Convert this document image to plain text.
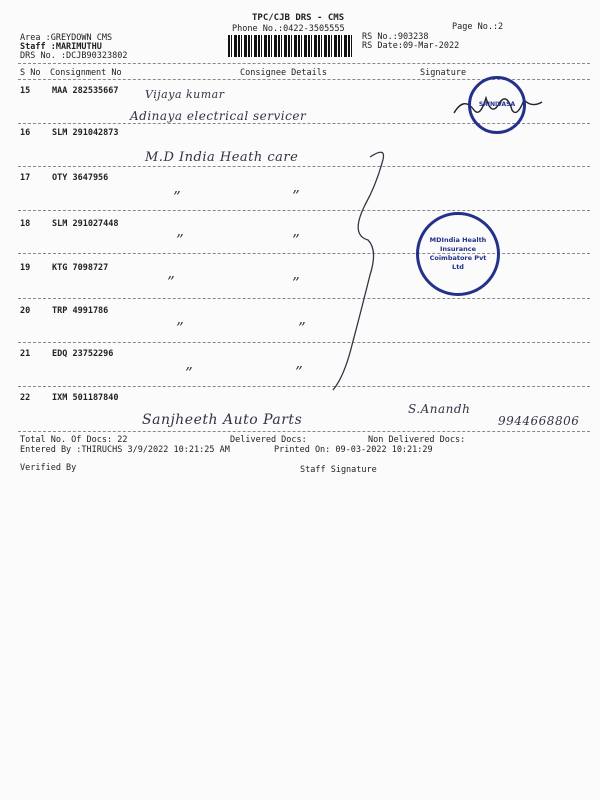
TPC/CJB DRS - CMS
Phone No.:0422-3505555	Page No.:2
Area :GREYDOWN CMS
Staff :MARIMUTHU
DRS No. :DCJB90323802
RS No.:903238
RS Date:09-Mar-2022
S No Consignment No	Consignee Details	Signature
15	MAA 282535667 Vijaya kumar
Adinaya electrical servicer
16	SLM 291042873
M.D India Heath care
17	OTY 3647956
”	”
18	SLM 291027448
”	”
19	KTG 7098727
”	”
20	TRP 4991786
”	”
21	EDQ 23752296
”	”
22	IXM 501187840
Sanjheeth Auto Parts
S.Anandh
9944668806
SRINIVASA
MDIndia Health Insurance Coimbatore Pvt Ltd
Total No. Of Docs: 22	Delivered Docs:	Non Delivered Docs:
Entered By :THIRUCHS 3/9/2022 10:21:25 AM	Printed On: 09-03-2022 10:21:29
Verified By	Staff Signature
